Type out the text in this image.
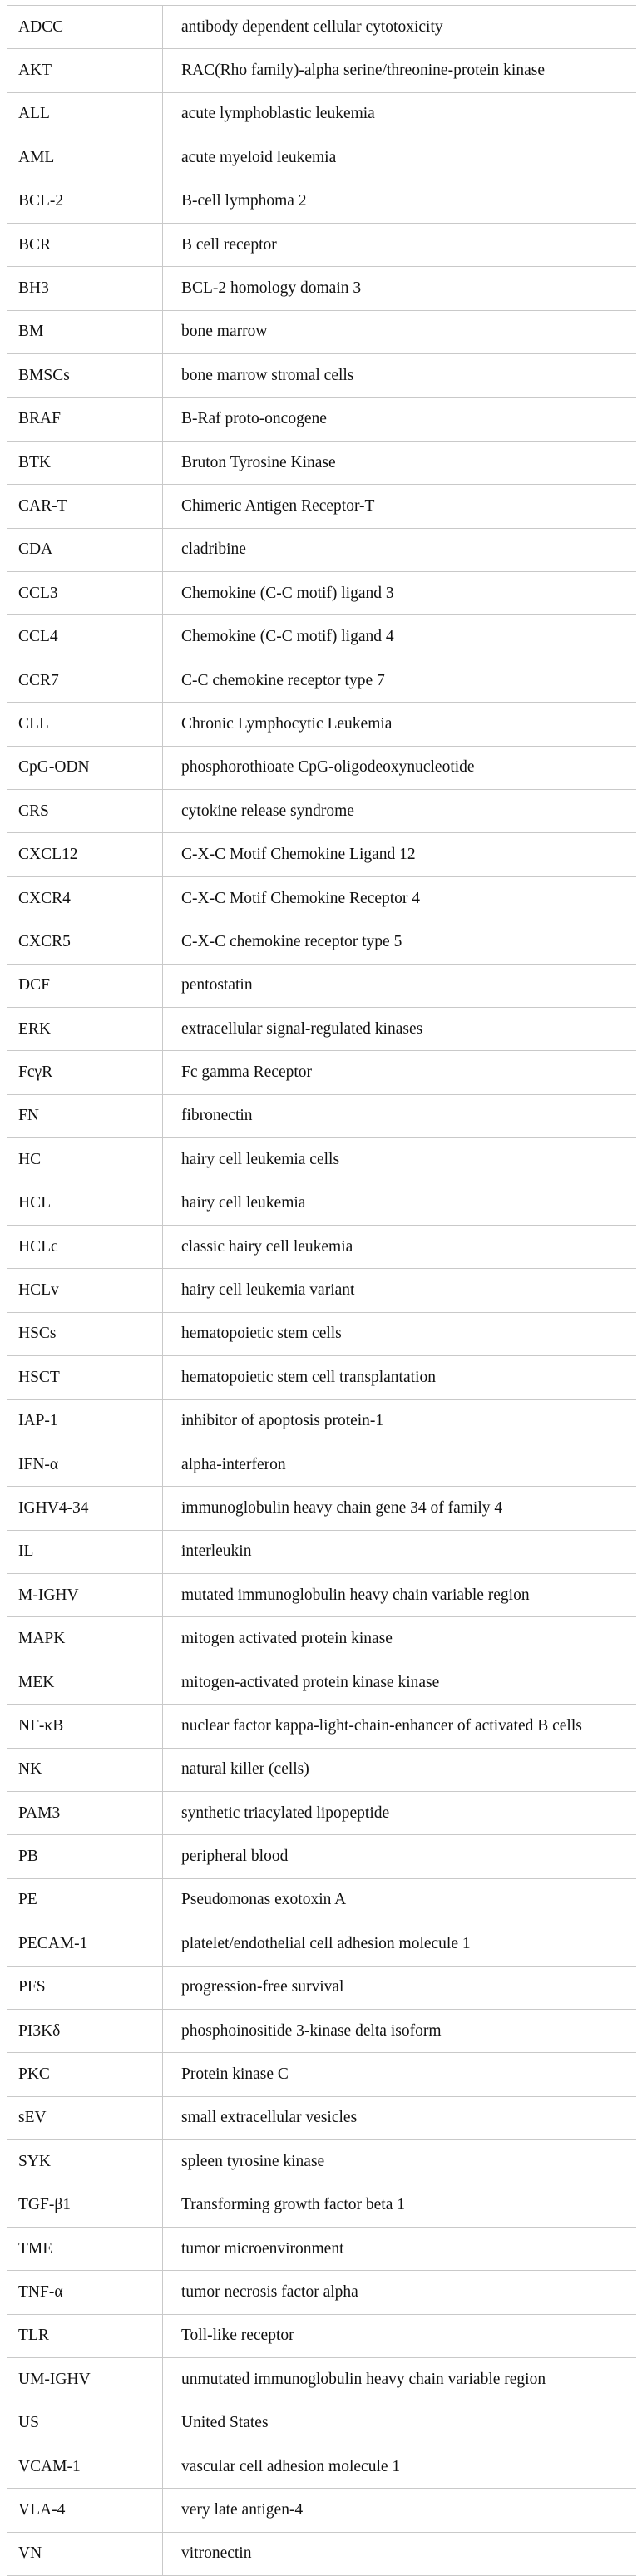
ADCC	antibody dependent cellular cytotoxicity
AKT	RAC(Rho family)-alpha serine/threonine-protein kinase
ALL	acute lymphoblastic leukemia
AML	acute myeloid leukemia
BCL-2	B-cell lymphoma 2
BCR	B cell receptor
BH3	BCL-2 homology domain 3
BM	bone marrow
BMSCs	bone marrow stromal cells
BRAF	B-Raf proto-oncogene
BTK	Bruton Tyrosine Kinase
CAR-T	Chimeric Antigen Receptor-T
CDA	cladribine
CCL3	Chemokine (C-C motif) ligand 3
CCL4	Chemokine (C-C motif) ligand 4
CCR7	C-C chemokine receptor type 7
CLL	Chronic Lymphocytic Leukemia
CpG-ODN	phosphorothioate CpG-oligodeoxynucleotide
CRS	cytokine release syndrome
CXCL12	C-X-C Motif Chemokine Ligand 12
CXCR4	C-X-C Motif Chemokine Receptor 4
CXCR5	C-X-C chemokine receptor type 5
DCF	pentostatin
ERK	extracellular signal-regulated kinases
FcγR	Fc gamma Receptor
FN	fibronectin
HC	hairy cell leukemia cells
HCL	hairy cell leukemia
HCLc	classic hairy cell leukemia
HCLv	hairy cell leukemia variant
HSCs	hematopoietic stem cells
HSCT	hematopoietic stem cell transplantation
IAP-1	inhibitor of apoptosis protein-1
IFN-α	alpha-interferon
IGHV4-34	immunoglobulin heavy chain gene 34 of family 4
IL	interleukin
M-IGHV	mutated immunoglobulin heavy chain variable region
MAPK	mitogen activated protein kinase
MEK	mitogen-activated protein kinase kinase
NF-κB	nuclear factor kappa-light-chain-enhancer of activated B cells
NK	natural killer (cells)
PAM3	synthetic triacylated lipopeptide
PB	peripheral blood
PE	Pseudomonas exotoxin A
PECAM-1	platelet/endothelial cell adhesion molecule 1
PFS	progression-free survival
PI3Kδ	phosphoinositide 3-kinase delta isoform
PKC	Protein kinase C
sEV	small extracellular vesicles
SYK	spleen tyrosine kinase
TGF-β1	Transforming growth factor beta 1
TME	tumor microenvironment
TNF-α	tumor necrosis factor alpha
TLR	Toll-like receptor
UM-IGHV	unmutated immunoglobulin heavy chain variable region
US	United States
VCAM-1	vascular cell adhesion molecule 1
VLA-4	very late antigen-4
VN	vitronectin
